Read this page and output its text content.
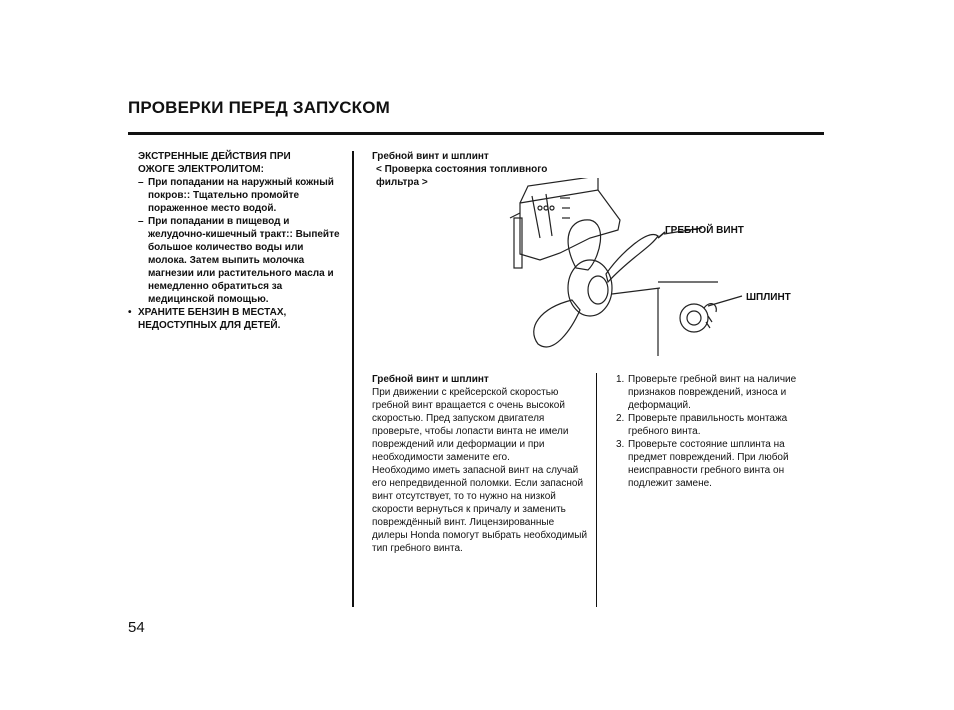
ПРОВЕРКИ ПЕРЕД ЗАПУСКОМ
ЭКСТРЕННЫЕ ДЕЙСТВИЯ ПРИ
ОЖОГЕ ЭЛЕКТРОЛИТОМ:
– При попадании на наружный кожный покров:: Тщательно промойте пораженное место водой.
– При попадании в пищевод и желудочно-кишечный тракт:: Выпейте большое количество воды или молока. Затем выпить молочка магнезии или растительного масла и немедленно обратиться за медицинской помощью.
• ХРАНИТЕ БЕНЗИН В МЕСТАХ, НЕДОСТУПНЫХ ДЛЯ ДЕТЕЙ.
Гребной винт и шплинт
< Проверка состояния топливного
фильтра >
ГРЕБНОЙ ВИНТ
ШПЛИНТ
Гребной винт и шплинт
При движении с крейсерской скоростью гребной винт вращается с очень высокой скоростью. Пред запуском двигателя проверьте, чтобы лопасти винта не имели повреждений или деформации и при необходимости замените его.
Необходимо иметь запасной винт на случай его непредвиденной поломки. Если запасной винт отсутствует, то то нужно на низкой скорости вернуться к причалу и заменить повреждённый винт. Лицензированные дилеры Honda помогут выбрать необходимый тип гребного винта.
1. Проверьте гребной винт на наличие признаков повреждений, износа и деформаций.
2. Проверьте правильность монтажа гребного винта.
3. Проверьте состояние шплинта на предмет повреждений. При любой неисправности гребного винта он подлежит замене.
54
